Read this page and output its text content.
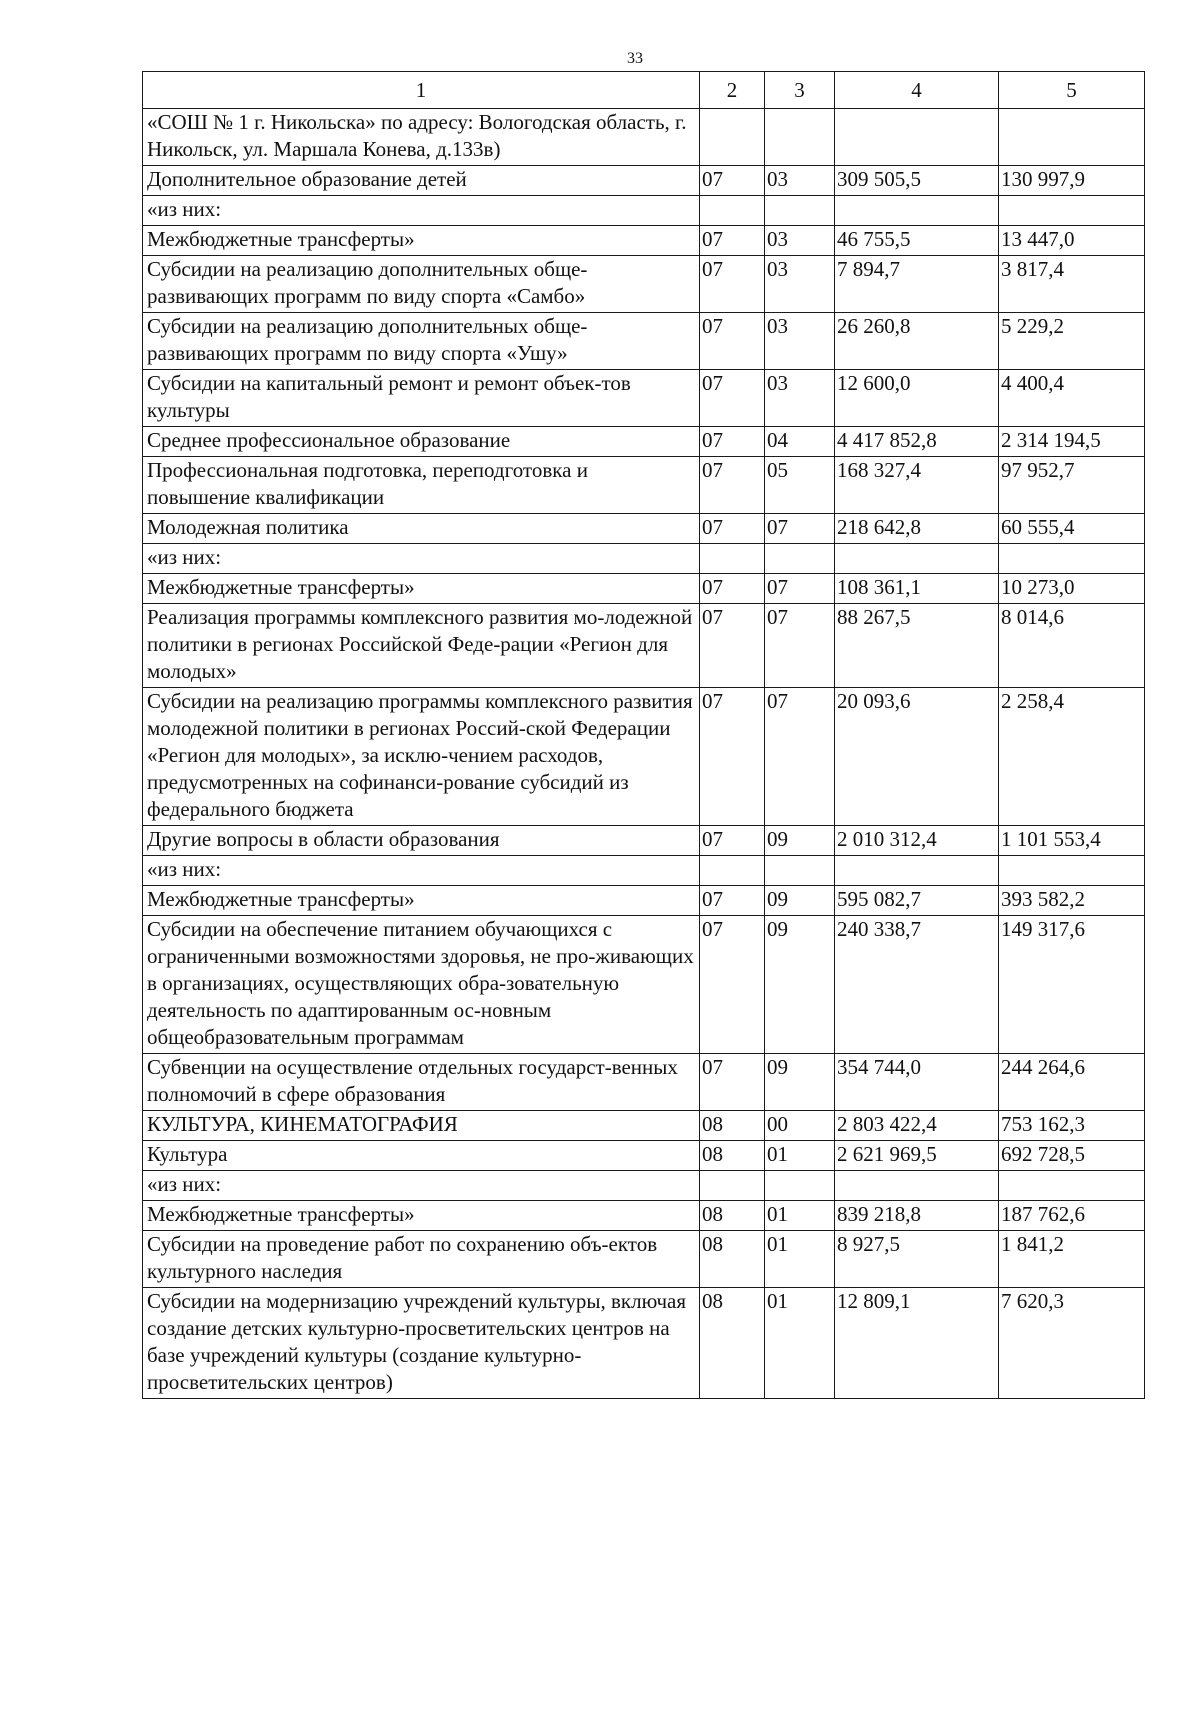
33
1	2	3	4	5
«СОШ № 1 г. Никольска» по адресу: Вологодская область, г. Никольск, ул. Маршала Конева, д.133в)				
Дополнительное образование детей	07	03	309 505,5	130 997,9
«из них:				
Межбюджетные трансферты»	07	03	46 755,5	13 447,0
Субсидии на реализацию дополнительных обще-развивающих программ по виду спорта «Самбо»	07	03	7 894,7	3 817,4
Субсидии на реализацию дополнительных обще-развивающих программ по виду спорта «Ушу»	07	03	26 260,8	5 229,2
Субсидии на капитальный ремонт и ремонт объек-тов культуры	07	03	12 600,0	4 400,4
Среднее профессиональное образование	07	04	4 417 852,8	2 314 194,5
Профессиональная подготовка, переподготовка и повышение квалификации	07	05	168 327,4	97 952,7
Молодежная политика	07	07	218 642,8	60 555,4
«из них:				
Межбюджетные трансферты»	07	07	108 361,1	10 273,0
Реализация программы комплексного развития мо-лодежной политики в регионах Российской Феде-рации «Регион для молодых»	07	07	88 267,5	8 014,6
Субсидии на реализацию программы комплексного развития молодежной политики в регионах Россий-ской Федерации «Регион для молодых», за исклю-чением расходов, предусмотренных на софинанси-рование субсидий из федерального бюджета	07	07	20 093,6	2 258,4
Другие вопросы в области образования	07	09	2 010 312,4	1 101 553,4
«из них:				
Межбюджетные трансферты»	07	09	595 082,7	393 582,2
Субсидии на обеспечение питанием обучающихся с ограниченными возможностями здоровья, не про-живающих в организациях, осуществляющих обра-зовательную деятельность по адаптированным ос-новным общеобразовательным программам	07	09	240 338,7	149 317,6
Субвенции на осуществление отдельных государст-венных полномочий в сфере образования	07	09	354 744,0	244 264,6
КУЛЬТУРА, КИНЕМАТОГРАФИЯ	08	00	2 803 422,4	753 162,3
Культура	08	01	2 621 969,5	692 728,5
«из них:				
Межбюджетные трансферты»	08	01	839 218,8	187 762,6
Субсидии на проведение работ по сохранению объ-ектов культурного наследия	08	01	8 927,5	1 841,2
Субсидии на модернизацию учреждений культуры, включая создание детских культурно-просветительских центров на базе учреждений культуры (создание культурно-просветительских центров)	08	01	12 809,1	7 620,3
